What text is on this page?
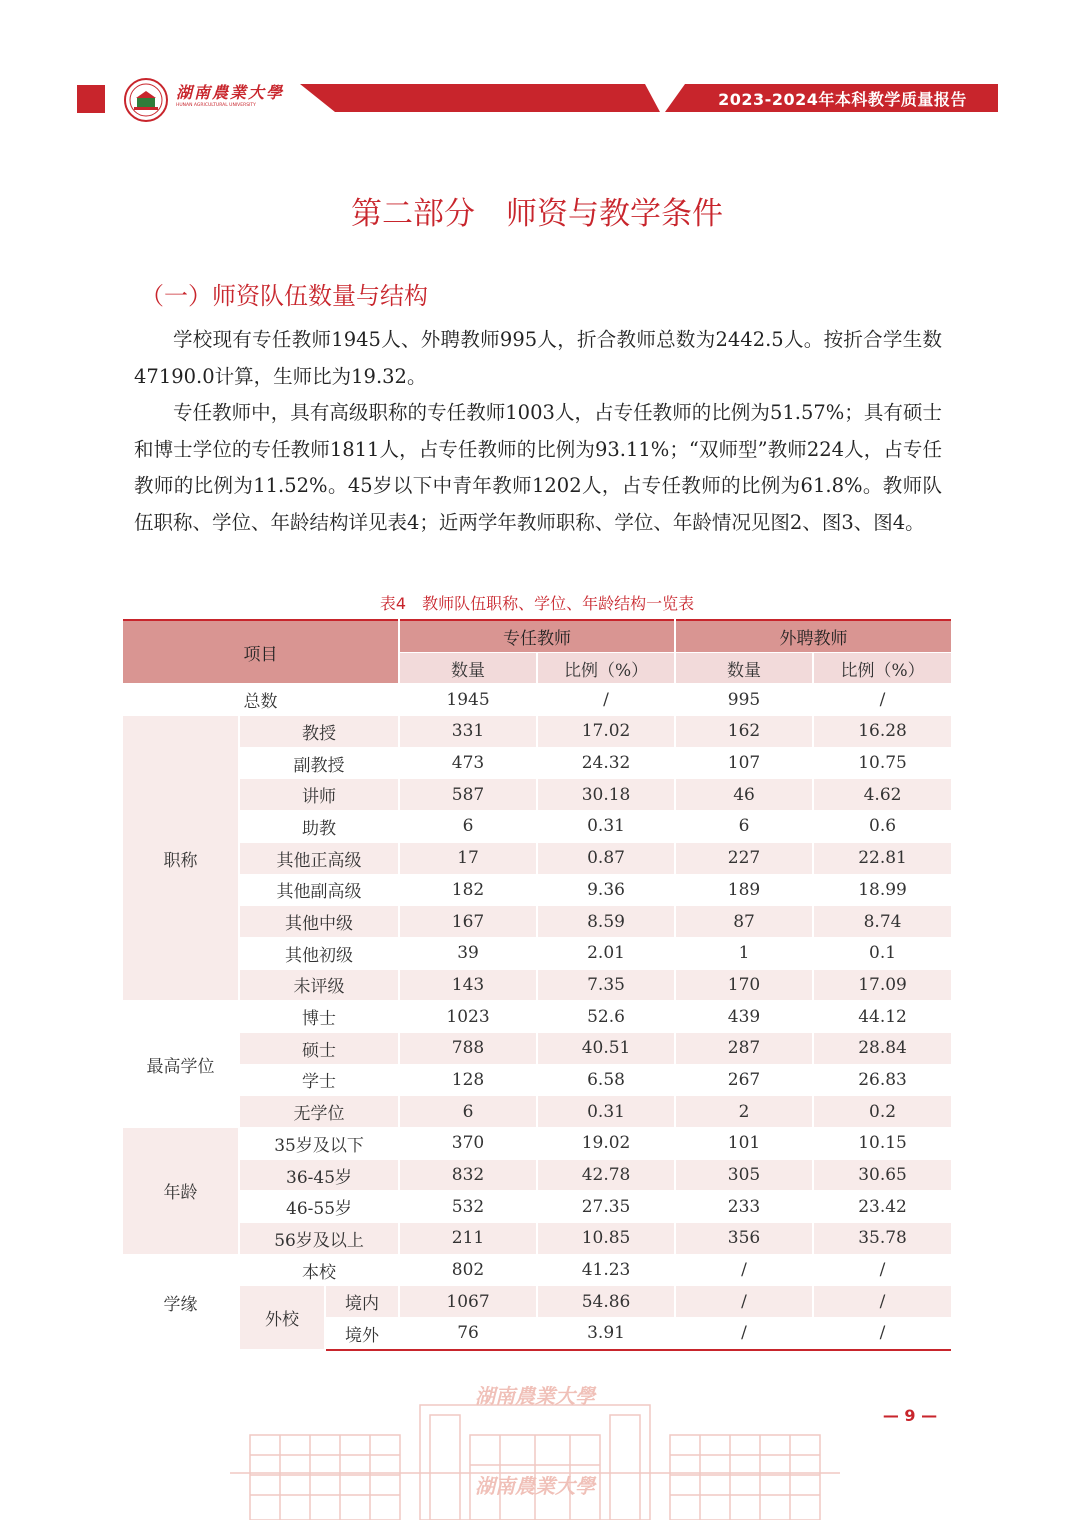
湖南農業大學
HUNAN AGRICULTURAL UNIVERSITY	2023-2024年本科教学质量报告
第二部分　师资与教学条件
（一）师资队伍数量与结构

学校现有专任教师1945人、外聘教师995人，折合教师总数为2442.5人。按折合学生数47190.0计算，生师比为19.32。

专任教师中，具有高级职称的专任教师1003人，占专任教师的比例为51.57%；具有硕士和博士学位的专任教师1811人，占专任教师的比例为93.11%；“双师型”教师224人，占专任教师的比例为11.52%。45岁以下中青年教师1202人，占专任教师的比例为61.8%。教师队伍职称、学位、年龄结构详见表4；近两学年教师职称、学位、年龄情况见图2、图3、图4。

表4　教师队伍职称、学位、年龄结构一览表
项目			专任教师		外聘教师	
			数量	比例（%）	数量	比例（%）
总数			1945	/	995	/
职称	教授		331	17.02	162	16.28
	副教授		473	24.32	107	10.75
	讲师		587	30.18	46	4.62
	助教		6	0.31	6	0.6
	其他正高级		17	0.87	227	22.81
	其他副高级		182	9.36	189	18.99
	其他中级		167	8.59	87	8.74
	其他初级		39	2.01	1	0.1
	未评级		143	7.35	170	17.09
最高学位	博士		1023	52.6	439	44.12
	硕士		788	40.51	287	28.84
	学士		128	6.58	267	26.83
	无学位		6	0.31	2	0.2
年龄	35岁及以下		370	19.02	101	10.15
	36-45岁		832	42.78	305	30.65
	46-55岁		532	27.35	233	23.42
	56岁及以上		211	10.85	356	35.78
学缘	本校		802	41.23	/	/
	外校	境内	1067	54.86	/	/
		境外	76	3.91	/	/
湖南農業大學
湖南農業大學
— 9 —
